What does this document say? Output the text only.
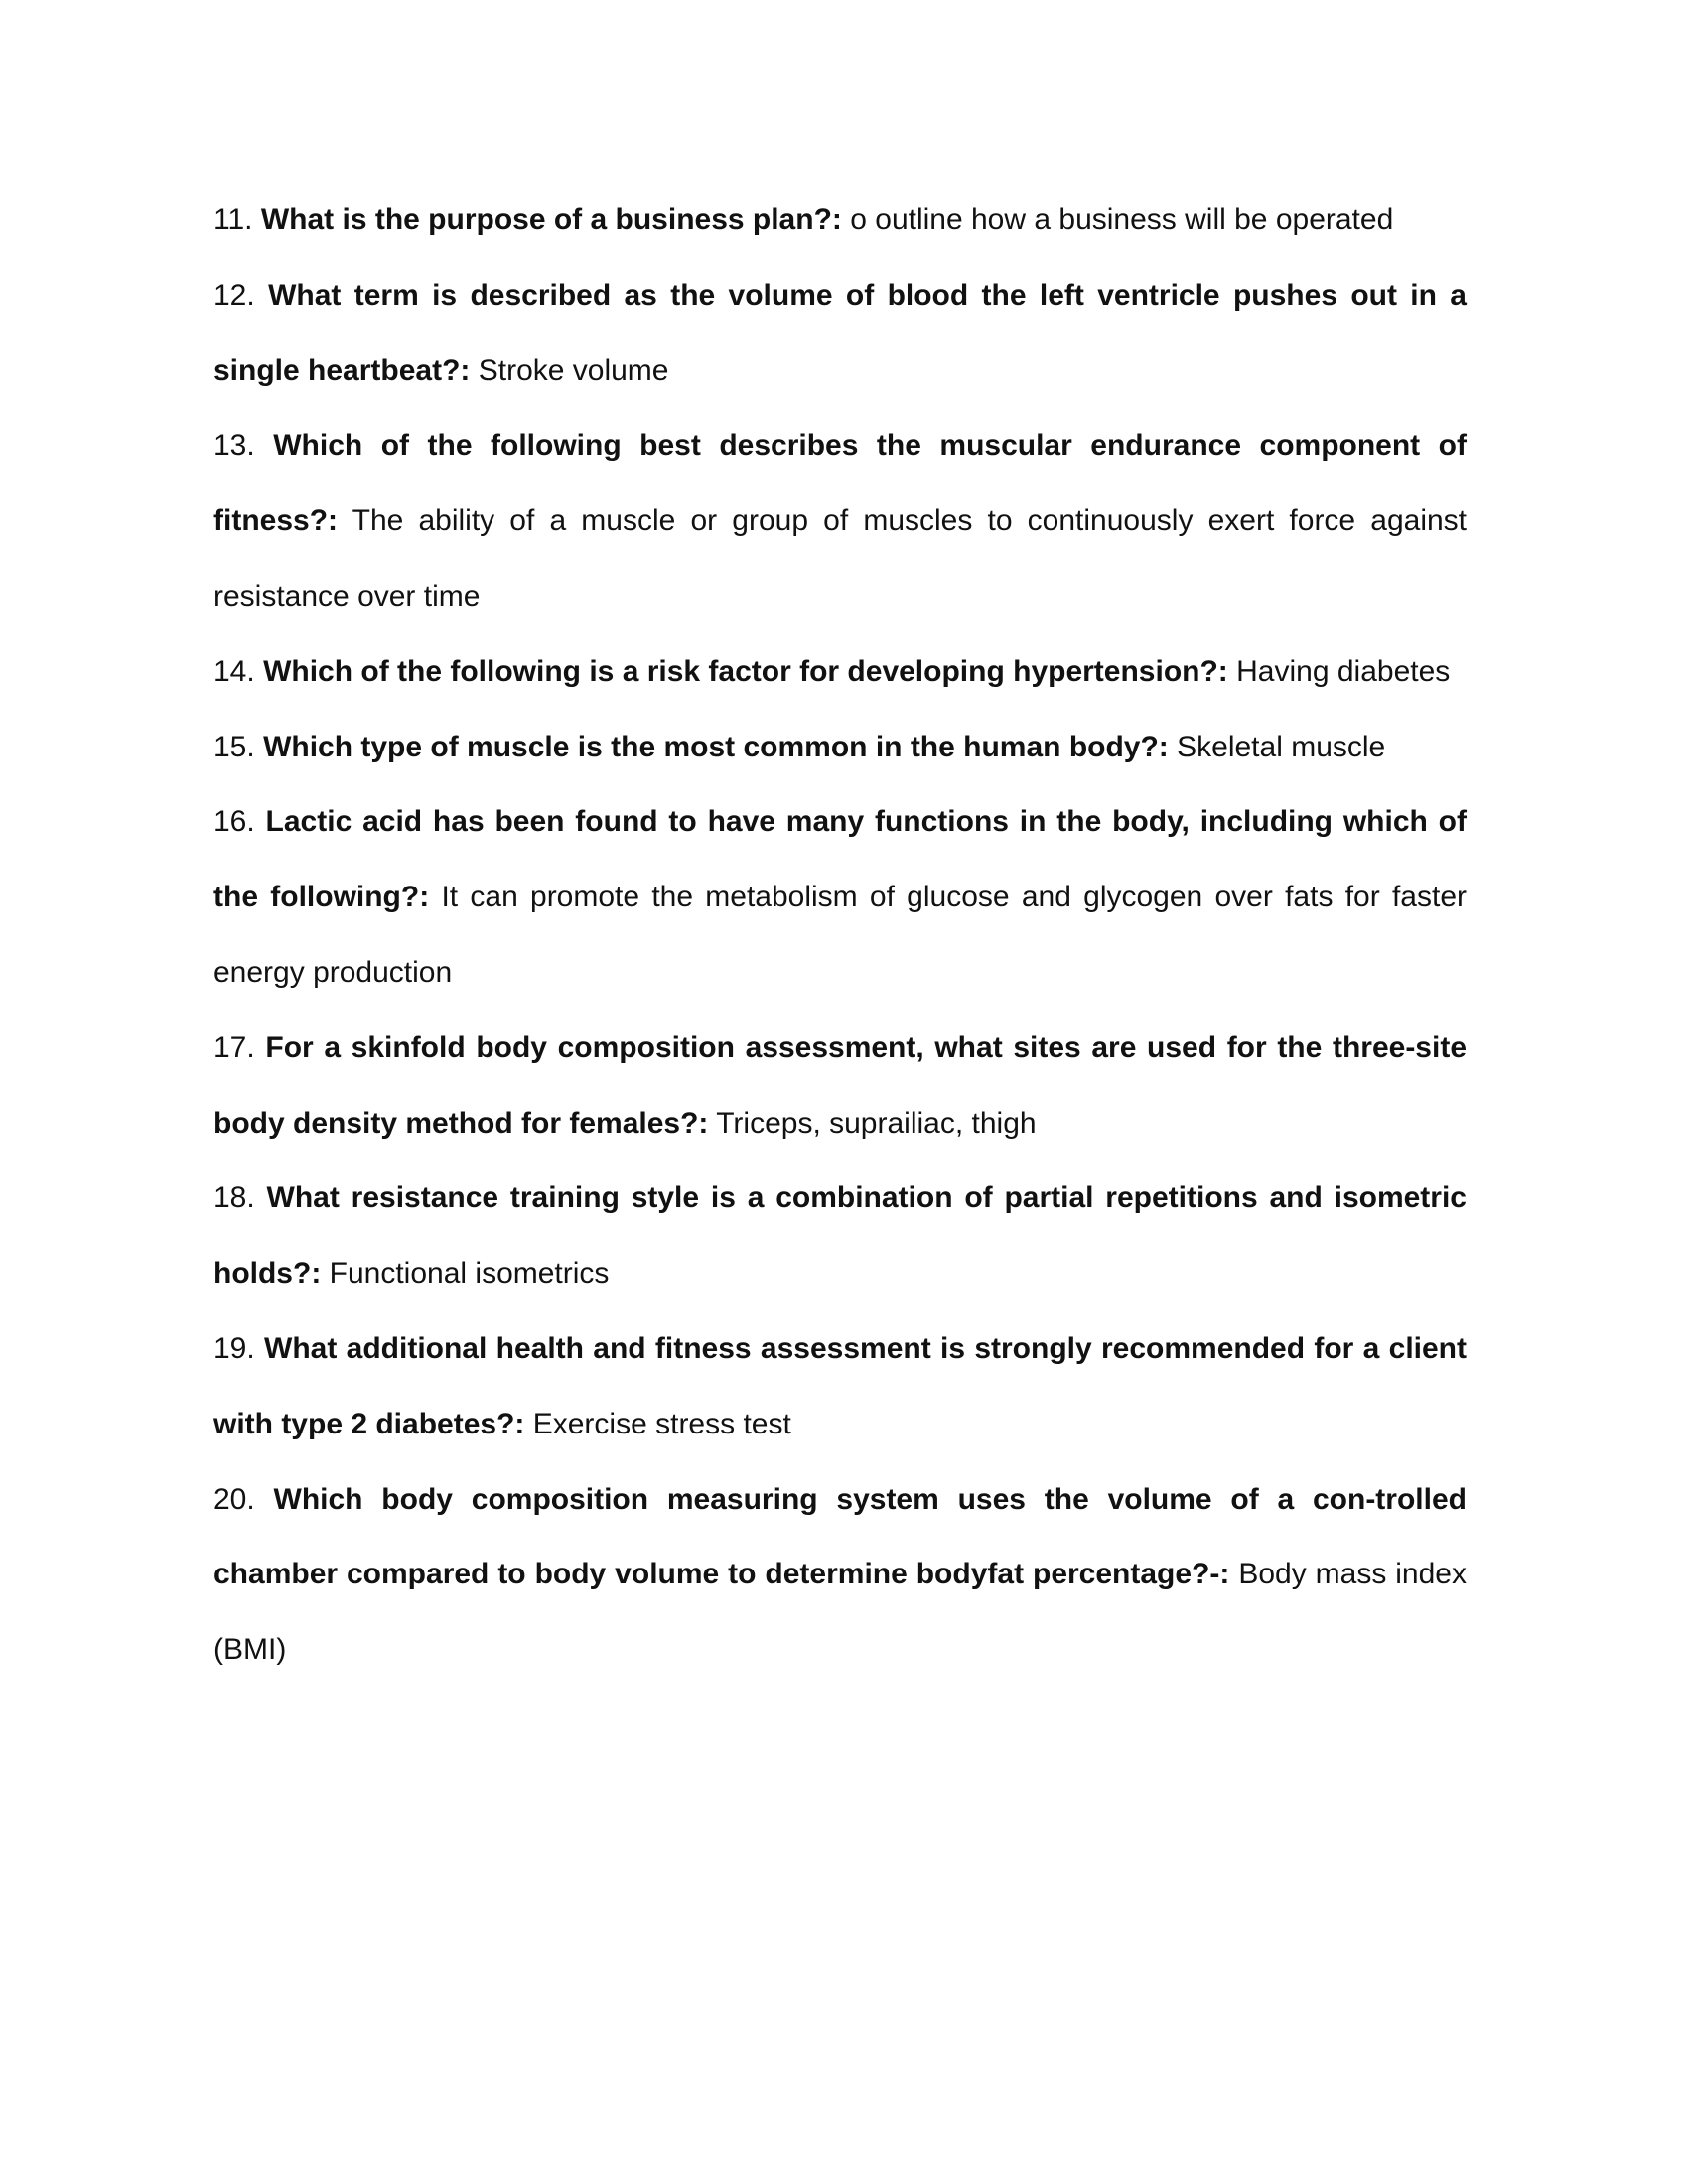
11. What is the purpose of a business plan?: o outline how a business will be operated

12. What term is described as the volume of blood the left ventricle pushes out in a single heartbeat?: Stroke volume

13. Which of the following best describes the muscular endurance component of fitness?: The ability of a muscle or group of muscles to continuously exert force against resistance over time

14. Which of the following is a risk factor for developing hypertension?: Having diabetes

15. Which type of muscle is the most common in the human body?: Skeletal muscle

16. Lactic acid has been found to have many functions in the body, including which of the following?: It can promote the metabolism of glucose and glycogen over fats for faster energy production

17. For a skinfold body composition assessment, what sites are used for the three-site body density method for females?: Triceps, suprailiac, thigh

18. What resistance training style is a combination of partial repetitions and isometric holds?: Functional isometrics

19. What additional health and fitness assessment is strongly recommended for a client with type 2 diabetes?: Exercise stress test

20. Which body composition measuring system uses the volume of a con-trolled chamber compared to body volume to determine bodyfat percentage?-: Body mass index (BMI)
